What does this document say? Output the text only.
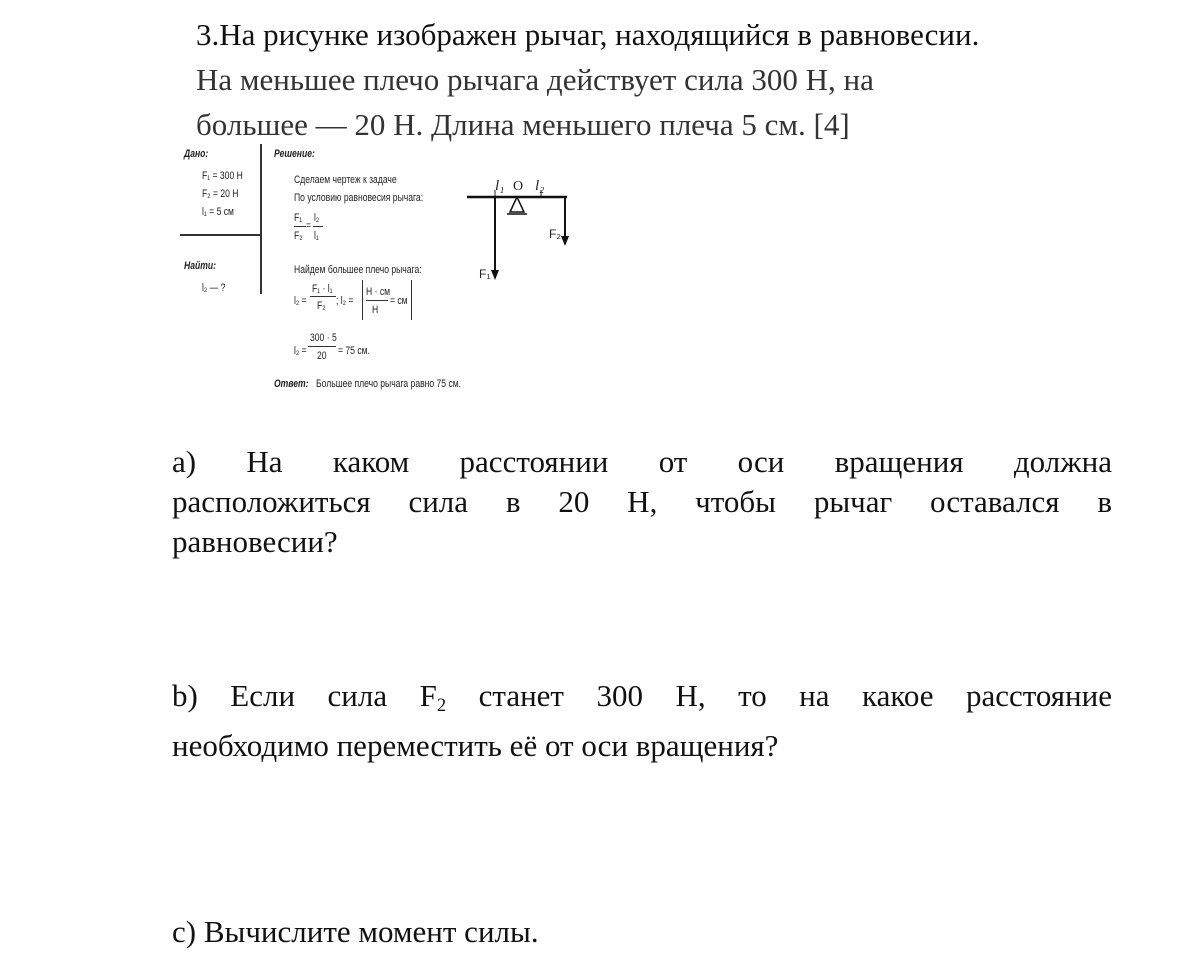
3.На рисунке изображен рычаг, находящийся в равновесии.
На меньшее плечо рычага действует сила 300 Н, на
большее — 20 Н. Длина меньшего плеча 5 см. [4]
Дано:
F₁ = 300 Н
F₂ = 20 Н
l₁ = 5 см
Найти:
l₂ — ?
Решение:
Сделаем чертеж к задаче
По условию равновесия рычага:
F₁
F₂
=
l₂
l₁
Найдем большее плечо рычага:
l₂ =
F₁ · l₁
F₂ ; l₂ =
Н · см
Н
= см
l₂ =
300 · 5
20 = 75 см.
Ответ: Большее плечо рычага равно 75 см.
l₁ О l₂
F₁
F₂
a) На каком расстоянии от оси вращения должна
расположиться сила в 20 Н, чтобы рычаг оставался в
равновесии?
b) Если сила $F_2$ станет 300 Н, то на какое расстояние
необходимо переместить её от оси вращения?
c) Вычислите момент силы.
